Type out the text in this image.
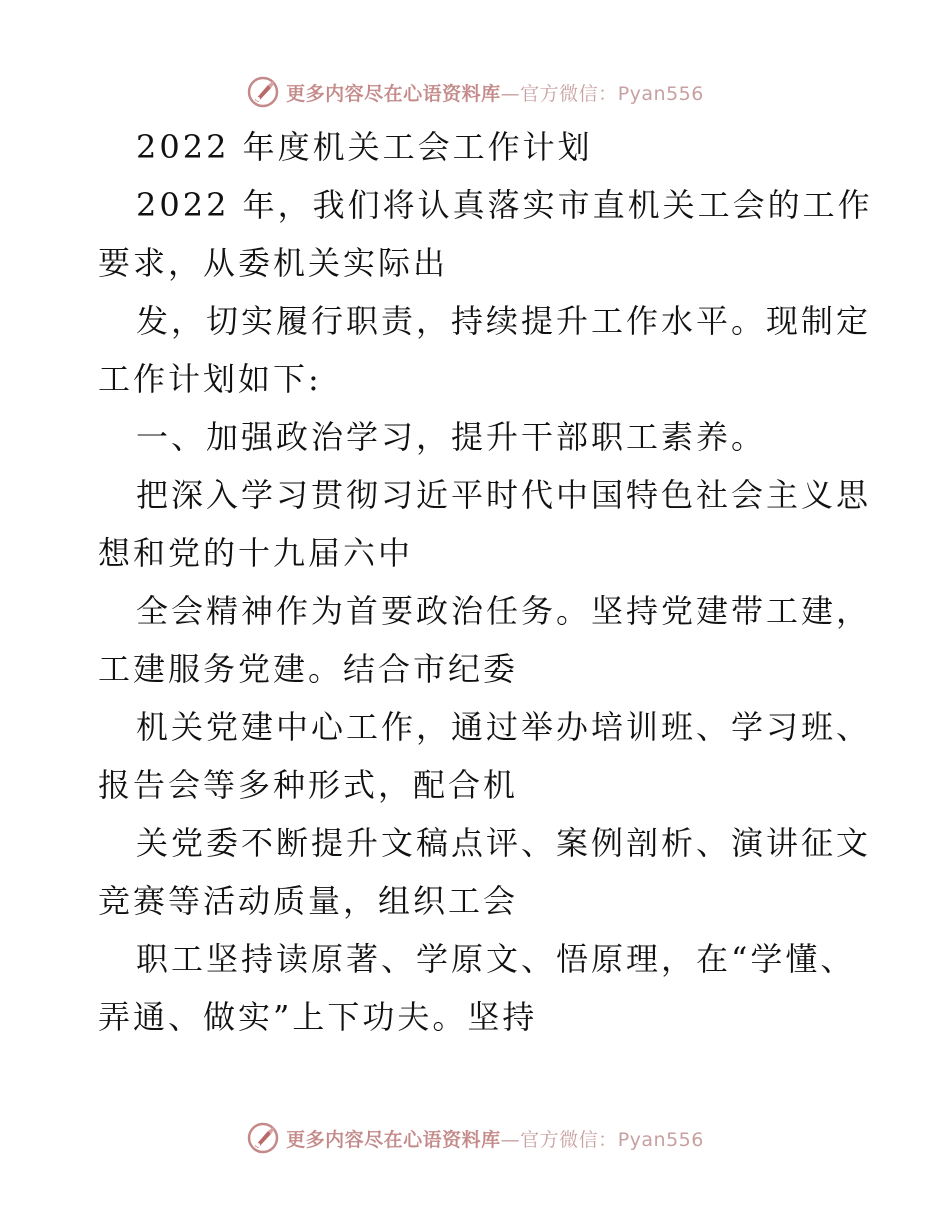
更多内容尽在心语资料库—官方微信：Pyan556
2022 年度机关工会工作计划
2022 年，我们将认真落实市直机关工会的工作
要求，从委机关实际出
发，切实履行职责，持续提升工作水平。现制定
工作计划如下:
一、加强政治学习，提升干部职工素养。
把深入学习贯彻习近平时代中国特色社会主义思
想和党的十九届六中
全会精神作为首要政治任务。坚持党建带工建，
工建服务党建。结合市纪委
机关党建中心工作，通过举办培训班、学习班、
报告会等多种形式，配合机
关党委不断提升文稿点评、案例剖析、演讲征文
竞赛等活动质量，组织工会
职工坚持读原著、学原文、悟原理，在“学懂、
弄通、做实”上下功夫。坚持
更多内容尽在心语资料库—官方微信：Pyan556
